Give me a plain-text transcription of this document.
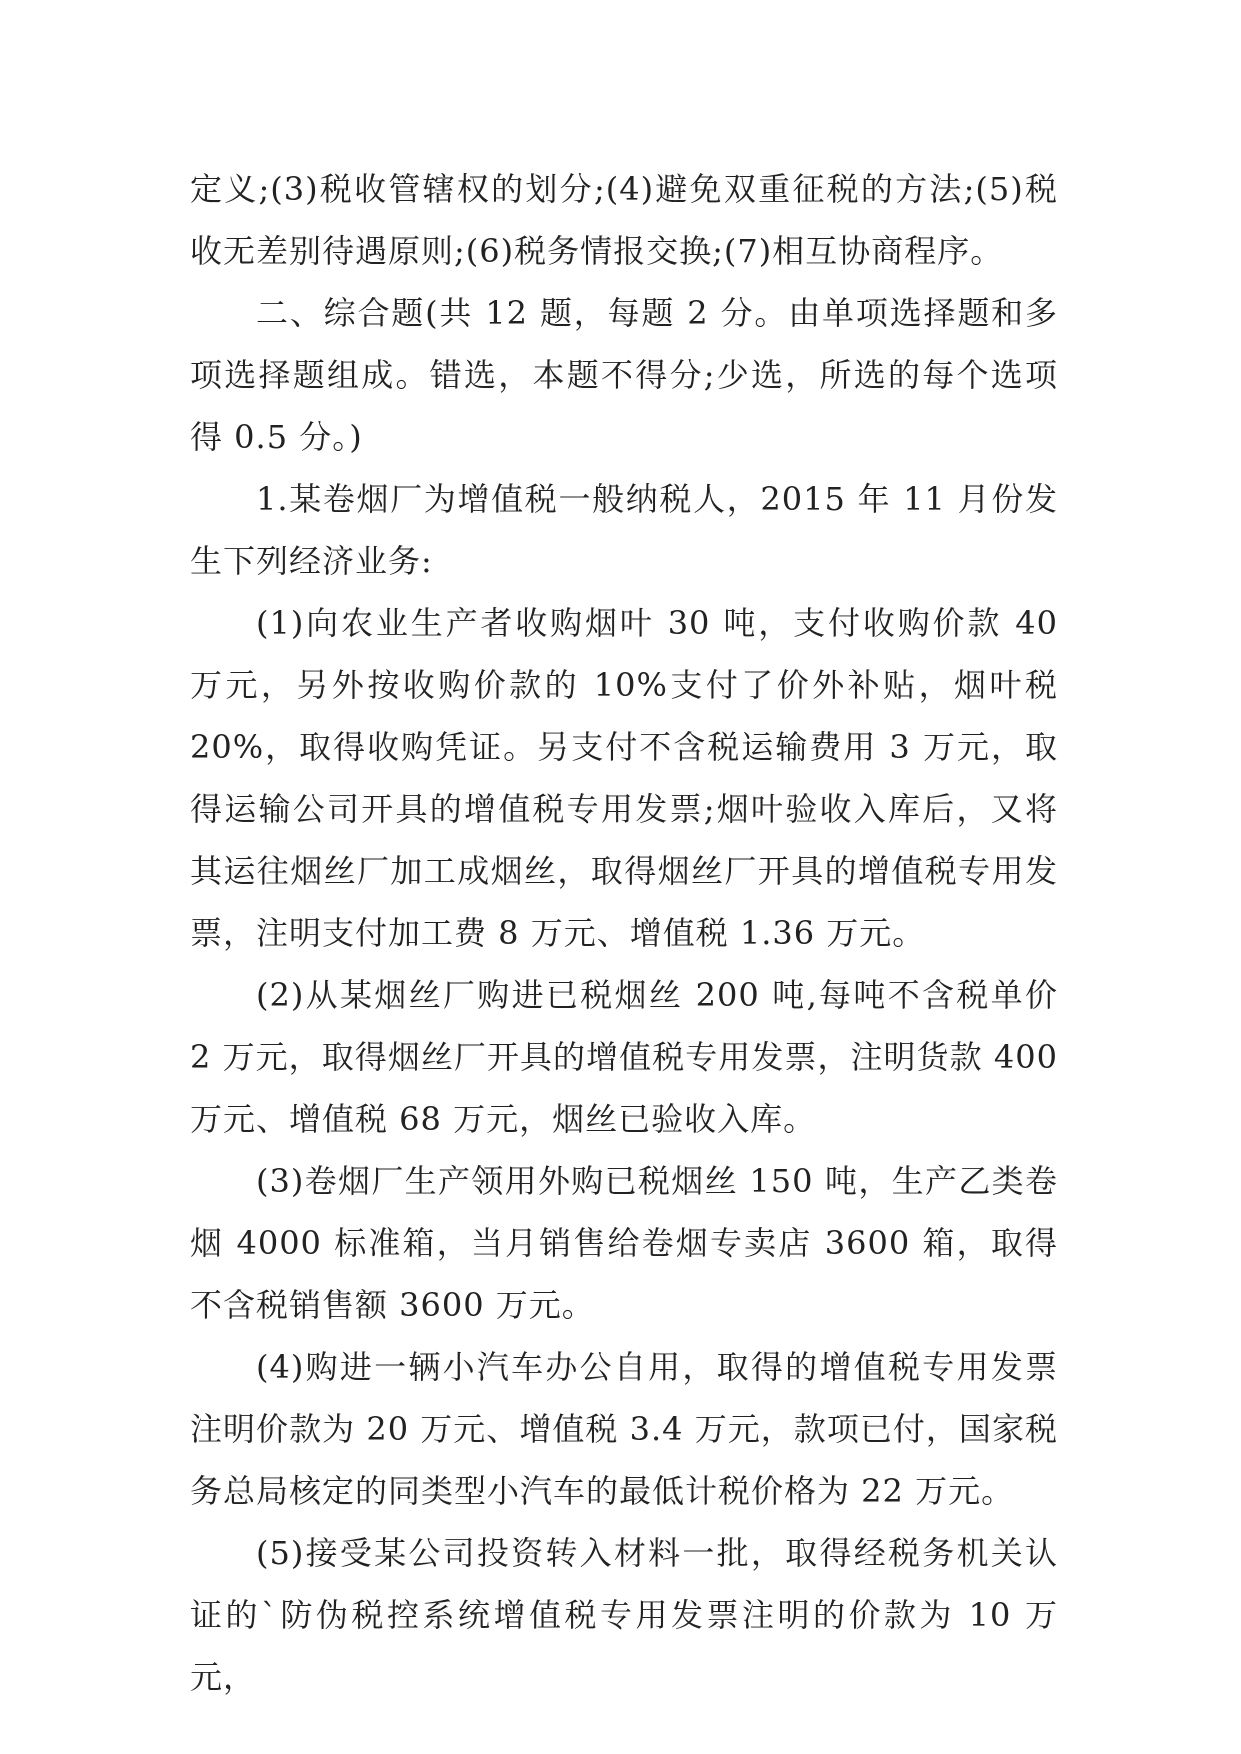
定义;(3)税收管辖权的划分;(4)避免双重征税的方法;(5)税收无差别待遇原则;(6)税务情报交换;(7)相互协商程序。

二、综合题(共 12 题，每题 2 分。由单项选择题和多项选择题组成。错选，本题不得分;少选，所选的每个选项得 0.5 分。)

1.某卷烟厂为增值税一般纳税人，2015 年 11 月份发生下列经济业务:

(1)向农业生产者收购烟叶 30 吨，支付收购价款 40 万元，另外按收购价款的 10%支付了价外补贴，烟叶税 20%，取得收购凭证。另支付不含税运输费用 3 万元，取得运输公司开具的增值税专用发票;烟叶验收入库后，又将其运往烟丝厂加工成烟丝，取得烟丝厂开具的增值税专用发票，注明支付加工费 8 万元、增值税 1.36 万元。

(2)从某烟丝厂购进已税烟丝 200 吨,每吨不含税单价 2 万元，取得烟丝厂开具的增值税专用发票，注明货款 400 万元、增值税 68 万元，烟丝已验收入库。

(3)卷烟厂生产领用外购已税烟丝 150 吨，生产乙类卷烟 4000 标准箱，当月销售给卷烟专卖店 3600 箱，取得不含税销售额 3600 万元。

(4)购进一辆小汽车办公自用，取得的增值税专用发票注明价款为 20 万元、增值税 3.4 万元，款项已付，国家税务总局核定的同类型小汽车的最低计税价格为 22 万元。

(5)接受某公司投资转入材料一批，取得经税务机关认证的`防伪税控系统增值税专用发票注明的价款为 10 万元，
